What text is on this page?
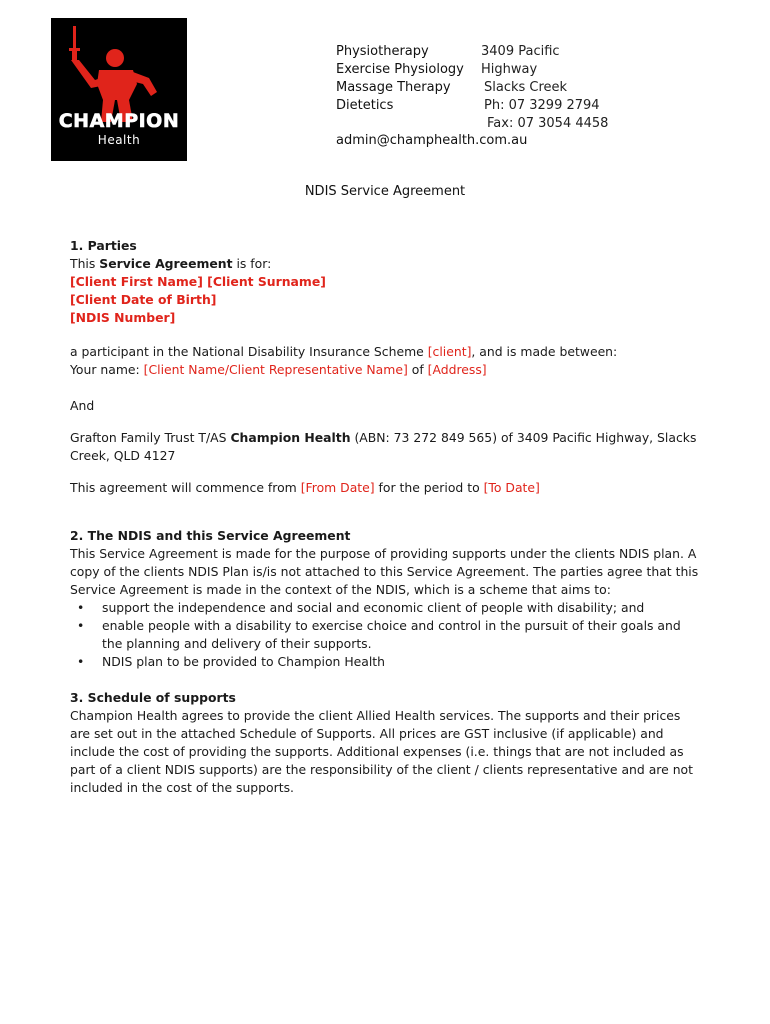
CHAMPION
Health
Physiotherapy
Exercise Physiology
Massage Therapy
Dietetics
3409 Pacific
Highway
Slacks Creek
Ph: 07 3299 2794
Fax: 07 3054 4458
admin@champhealth.com.au
NDIS Service Agreement

1. Parties

This Service Agreement is for:

[Client First Name] [Client Surname]

[Client Date of Birth]

[NDIS Number]

a participant in the National Disability Insurance Scheme [client], and is made between:

Your name: [Client Name/Client Representative Name] of [Address]

And

Grafton Family Trust T/AS Champion Health (ABN: 73 272 849 565) of 3409 Pacific Highway, Slacks Creek, QLD 4127

This agreement will commence from [From Date] for the period to [To Date]

2. The NDIS and this Service Agreement

This Service Agreement is made for the purpose of providing supports under the clients NDIS plan. A copy of the clients NDIS Plan is/is not attached to this Service Agreement. The parties agree that this Service Agreement is made in the context of the NDIS, which is a scheme that aims to:

• support the independence and social and economic client of people with disability; and
• enable people with a disability to exercise choice and control in the pursuit of their goals and the planning and delivery of their supports.
• NDIS plan to be provided to Champion Health

3. Schedule of supports

Champion Health agrees to provide the client Allied Health services. The supports and their prices are set out in the attached Schedule of Supports. All prices are GST inclusive (if applicable) and include the cost of providing the supports. Additional expenses (i.e. things that are not included as part of a client NDIS supports) are the responsibility of the client / clients representative and are not included in the cost of the supports.
